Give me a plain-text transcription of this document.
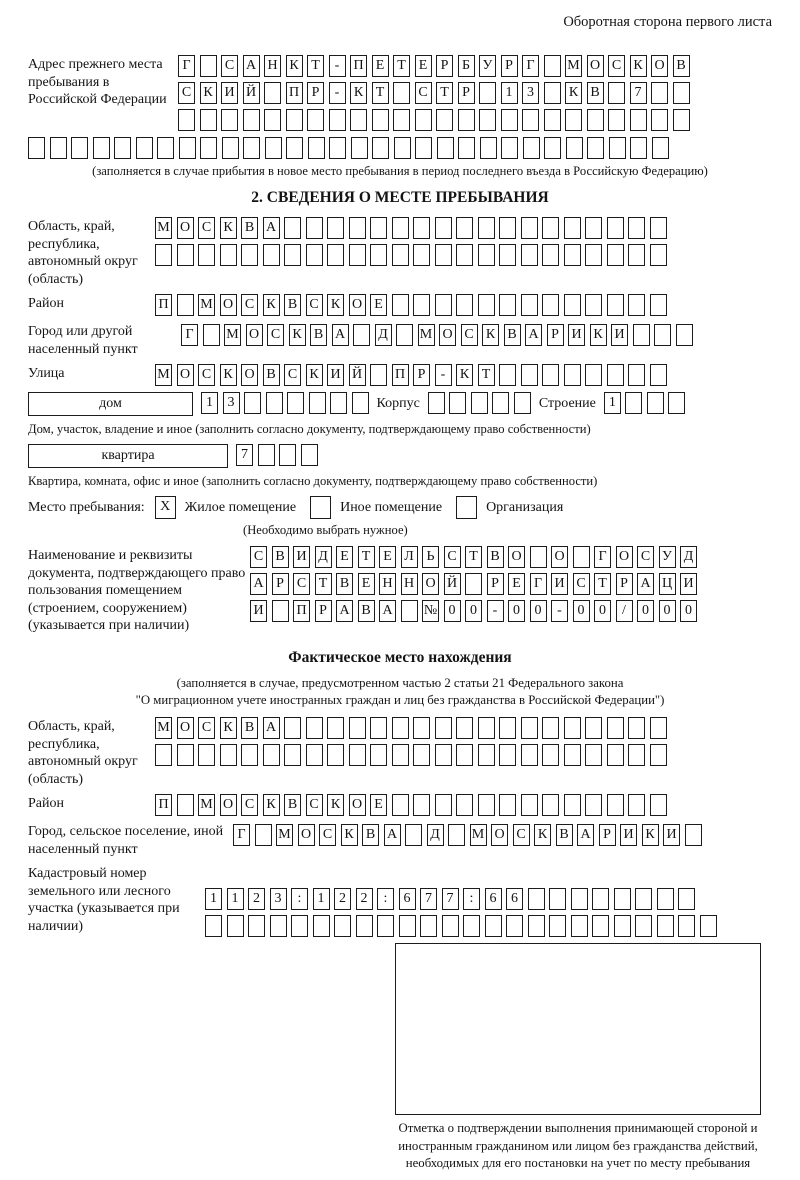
Оборотная сторона первого листа
Адрес прежнего места пребывания в Российской Федерации
Г	С А Н К Т	-	П Е Т Е Р Б У Р Г	М О С К О В
С К И Й П Р	-	К Т	С Т Р	1	3	К В	7
(заполняется в случае прибытия в новое место пребывания в период последнего въезда в Российскую Федерацию)
2. СВЕДЕНИЯ О МЕСТЕ ПРЕБЫВАНИЯ
Область, край, республика, автономный округ (область)
М О С К В А
Район	П М О С К В С К О Е
Город или другой населенный пункт
Г	М О С К В А Д М О С К В А Р И К И
Улица	М О С К О В С К И Й П Р	-	К Т
дом	1	3	Корпус	Строение 1
Дом, участок, владение и иное (заполнить согласно документу, подтверждающему право собственности)
квартира	7
Квартира, комната, офис и иное (заполнить согласно документу, подтверждающему право собственности)
Место пребывания:	X	Жилое помещение	Иное помещение	Организация
(Необходимо выбрать нужное)
Наименование и реквизиты документа, подтверждающего право пользования помещением (строением, сооружением) (указывается при наличии)
С В И Д Е Т Е Л Ь С Т В О О	Г О С У Д
А Р С Т В Е Н Н О Й	Р Е Г И С Т Р А Ц И
И П Р А В А № 0	0	-	0	0	-	0	0	/	0	0	0
Фактическое место нахождения
(заполняется в случае, предусмотренном частью 2 статьи 21 Федерального закона
"О миграционном учете иностранных граждан и лиц без гражданства в Российской Федерации")
Область, край, республика, автономный округ (область)
М О С К В А
Район	П М О С К В С К О Е
Город, сельское поселение, иной населенный пункт
Г	М О С К В А Д М О С К В А Р И К И
Кадастровый номер земельного или лесного участка (указывается при наличии)
1	1	2	3	:	1	2	2	:	6	7	7	:	6	6
Отметка о подтверждении выполнения принимающей стороной и иностранным гражданином или лицом без гражданства действий, необходимых для его постановки на учет по месту пребывания
